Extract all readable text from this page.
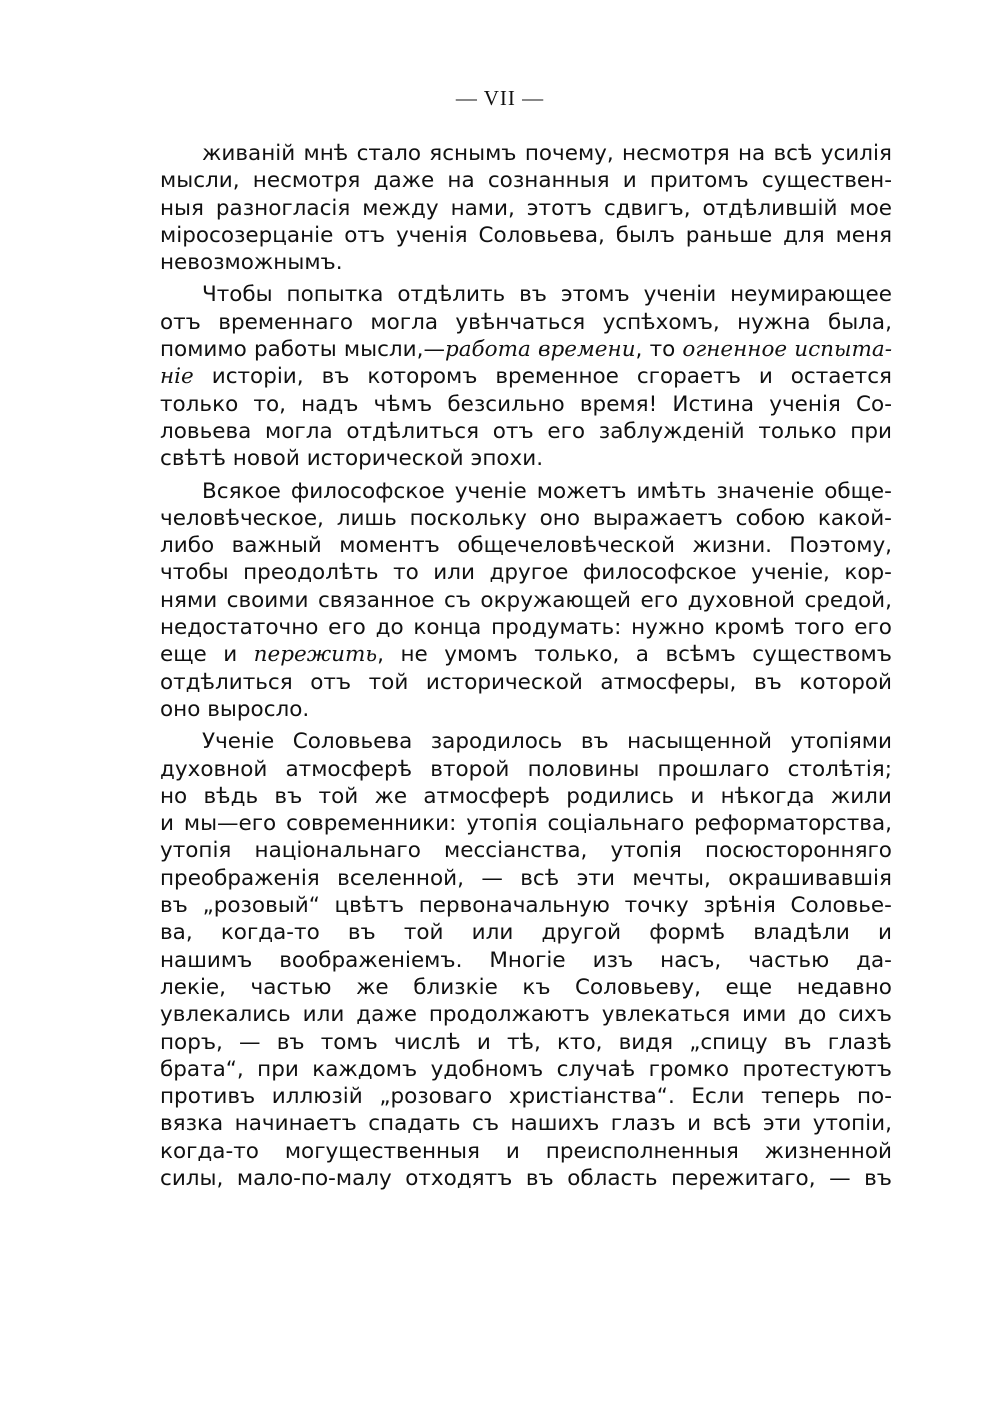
— VII —
живаній мнѣ стало яснымъ почему, несмотря на всѣ усилія
мысли, несмотря даже на сознанныя и притомъ существен-
ныя разногласія между нами, этотъ сдвигъ, отдѣлившій мое
міросозерцаніе отъ ученія Соловьева, былъ раньше для меня
невозможнымъ.
Чтобы попытка отдѣлить въ этомъ ученіи неумирающее
отъ временнаго могла увѣнчаться успѣхомъ, нужна была,
помимо работы мысли,—работа времени, то огненное испыта-
ніе исторіи, въ которомъ временное сгораетъ и остается
только то, надъ чѣмъ безсильно время! Истина ученія Со-
ловьева могла отдѣлиться отъ его заблужденій только при
свѣтѣ новой исторической эпохи.
Всякое философское ученіе можетъ имѣть значеніе обще-
человѣческое, лишь поскольку оно выражаетъ собою какой-
либо важный моментъ общечеловѣческой жизни. Поэтому,
чтобы преодолѣть то или другое философское ученіе, кор-
нями своими связанное съ окружающей его духовной средой,
недостаточно его до конца продумать: нужно кромѣ того его
еще и пережить, не умомъ только, а всѣмъ существомъ
отдѣлиться отъ той исторической атмосферы, въ которой
оно выросло.
Ученіе Соловьева зародилось въ насыщенной утопіями
духовной атмосферѣ второй половины прошлаго столѣтія;
но вѣдь въ той же атмосферѣ родились и нѣкогда жили
и мы—его современники: утопія соціальнаго реформаторства,
утопія національнаго мессіанства, утопія посюсторонняго
преображенія вселенной, — всѣ эти мечты, окрашивавшія
въ „розовый“ цвѣтъ первоначальную точку зрѣнія Соловье-
ва, когда-то въ той или другой формѣ владѣли и
нашимъ воображеніемъ. Многіе изъ насъ, частью да-
лекіе, частью же близкіе къ Соловьеву, еще недавно
увлекались или даже продолжаютъ увлекаться ими до сихъ
поръ, — въ томъ числѣ и тѣ, кто, видя „спицу въ глазѣ
брата“, при каждомъ удобномъ случаѣ громко протестуютъ
противъ иллюзій „розоваго христіанства“. Если теперь по-
вязка начинаетъ спадать съ нашихъ глазъ и всѣ эти утопіи,
когда-то могущественныя и преисполненныя жизненной
силы, мало-по-малу отходятъ въ область пережитаго, — въ
